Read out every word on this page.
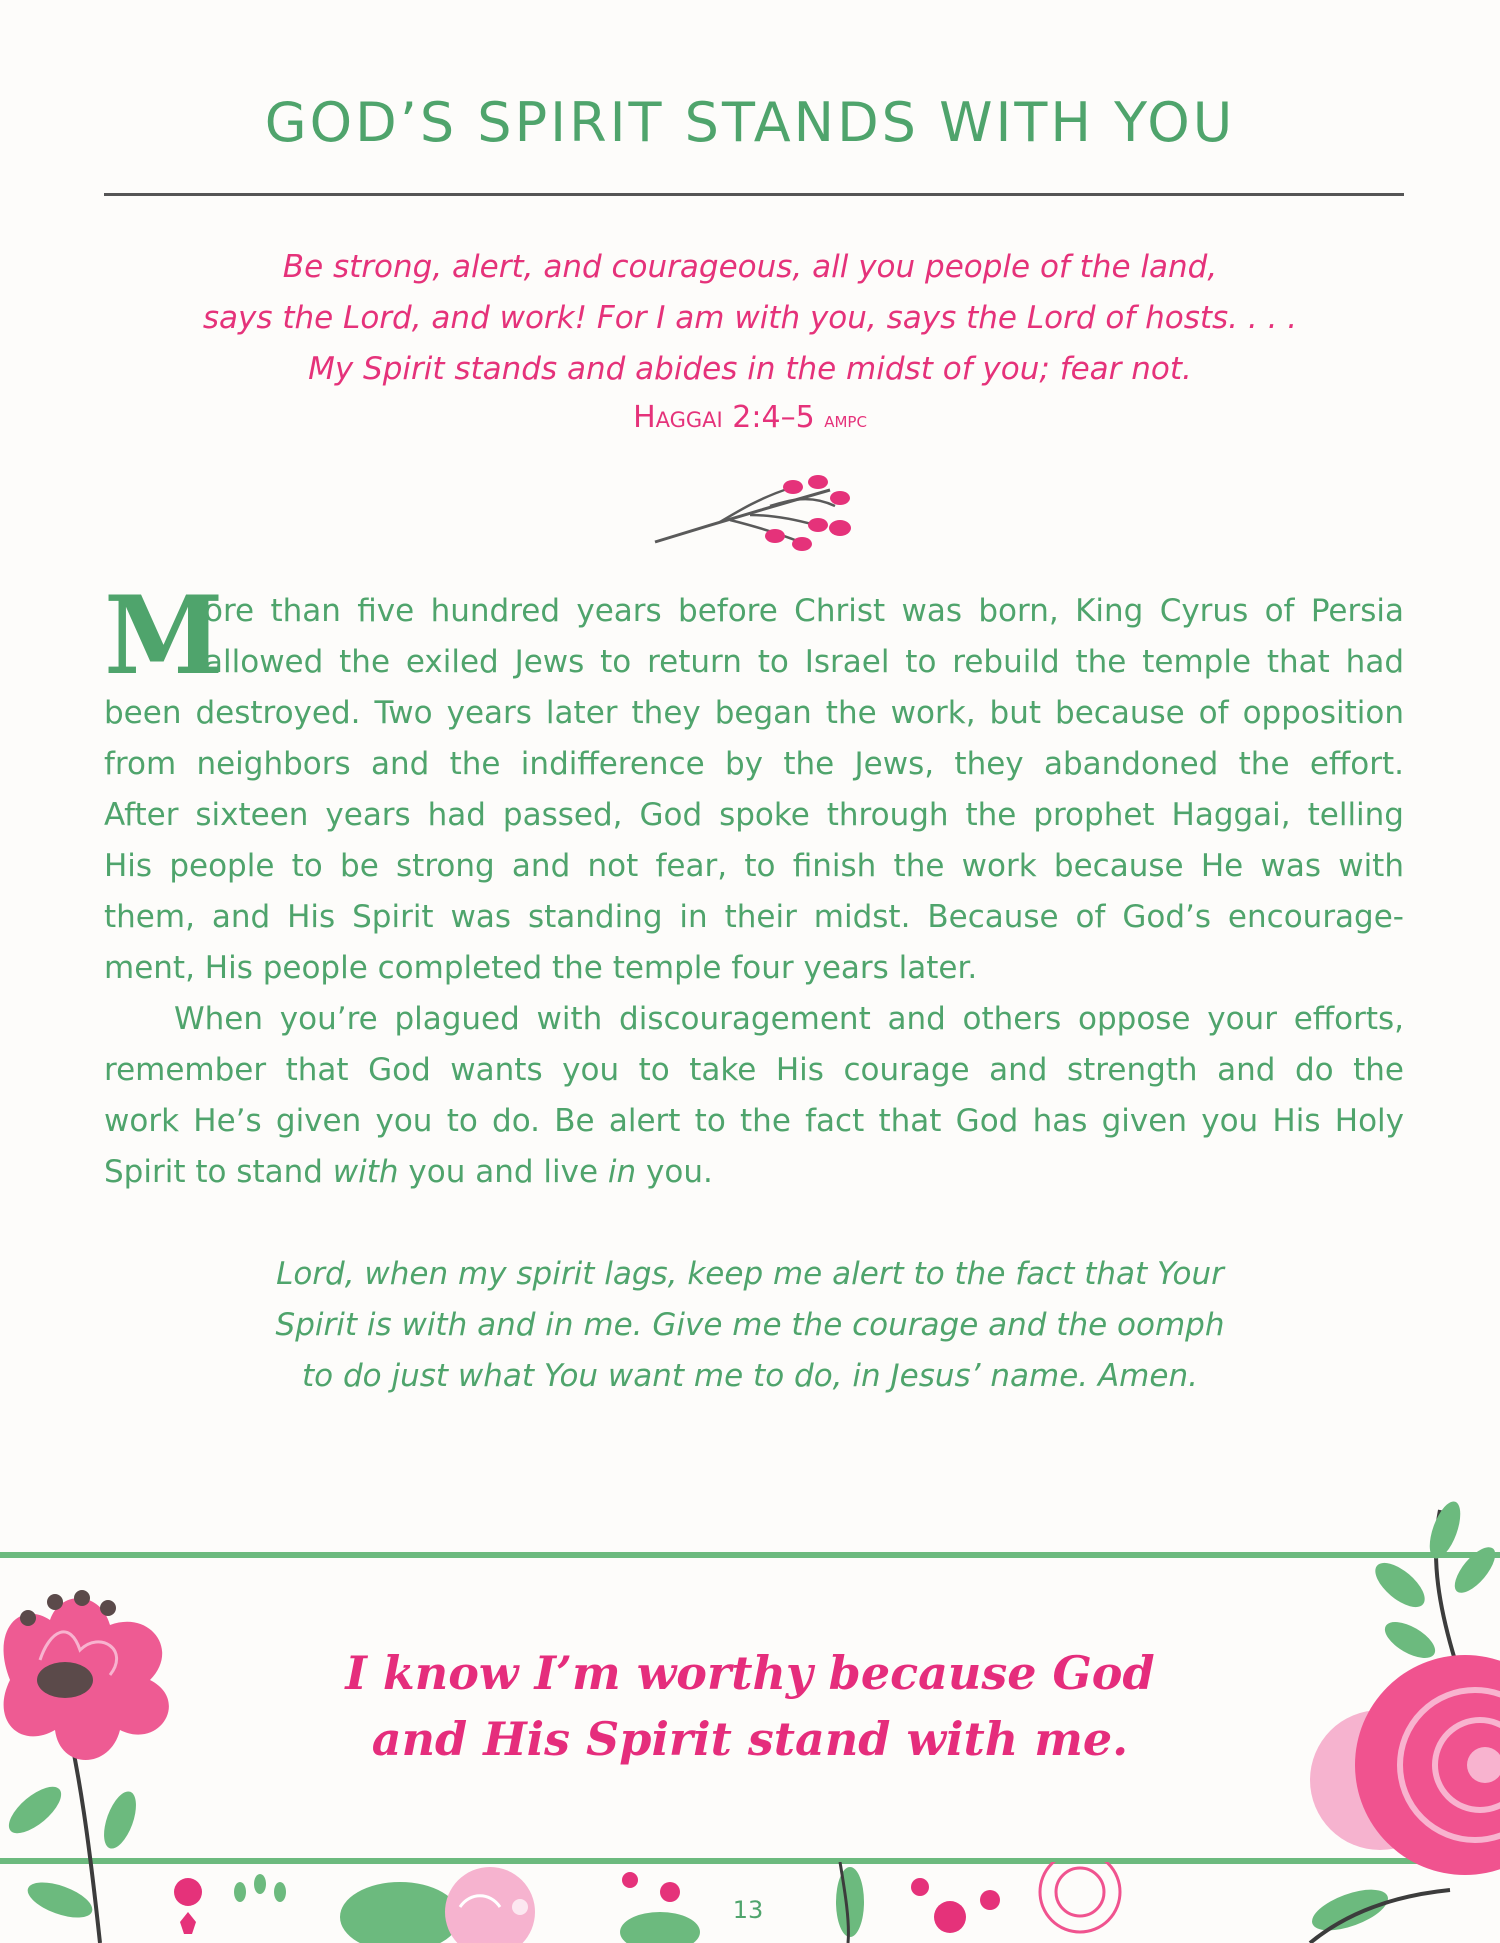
GOD’S SPIRIT STANDS WITH YOU
Be strong, alert, and courageous, all you people of the land,
says the Lord, and work! For I am with you, says the Lord of hosts. . . .
My Spirit stands and abides in the midst of you; fear not.
Haggai 2:4–5 ampc
M
ore than five hundred years before Christ was born, King Cyrus of Persia
allowed the exiled Jews to return to Israel to rebuild the temple that had
been destroyed. Two years later they began the work, but because of opposition
from neighbors and the indifference by the Jews, they abandoned the effort.
After sixteen years had passed, God spoke through the prophet Haggai, telling
His people to be strong and not fear, to finish the work because He was with
them, and His Spirit was standing in their midst. Because of God’s encourage-
ment, His people completed the temple four years later.
When you’re plagued with discouragement and others oppose your efforts,
remember that God wants you to take His courage and strength and do the
work He’s given you to do. Be alert to the fact that God has given you His Holy
Spirit to stand with you and live in you.
Lord, when my spirit lags, keep me alert to the fact that Your
Spirit is with and in me. Give me the courage and the oomph
to do just what You want me to do, in Jesus’ name. Amen.
I know I’m worthy because God
and His Spirit stand with me.
13
